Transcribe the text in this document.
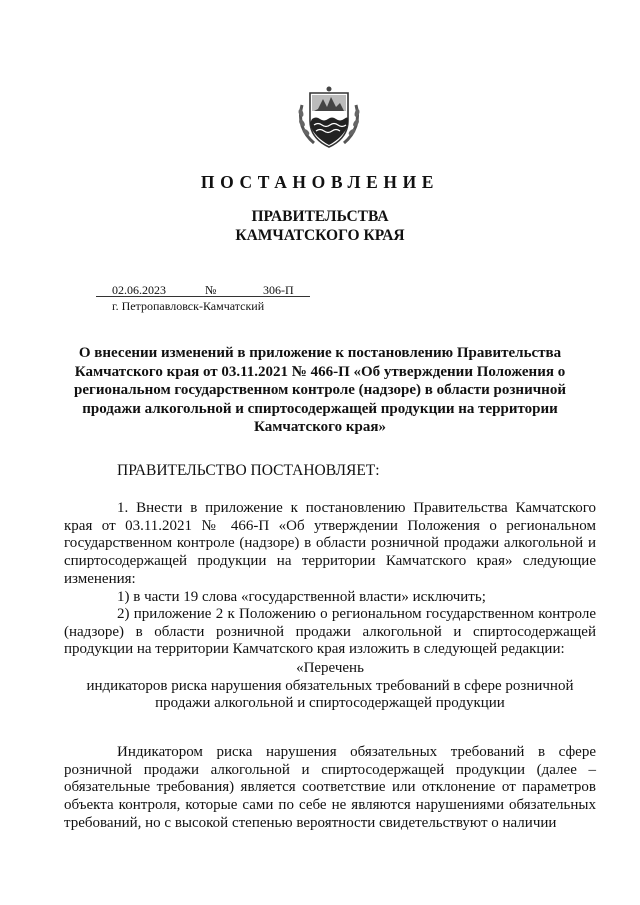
ПОСТАНОВЛЕНИЕ
ПРАВИТЕЛЬСТВА
КАМЧАТСКОГО КРАЯ
02.06.2023	№	306-П
г. Петропавловск-Камчатский
О внесении изменений в приложение к постановлению Правительства
Камчатского края от 03.11.2021 № 466-П «Об утверждении Положения о
региональном государственном контроле (надзоре) в области розничной
продажи алкогольной и спиртосодержащей продукции на территории
Камчатского края»
ПРАВИТЕЛЬСТВО ПОСТАНОВЛЯЕТ:
1. Внести в приложение к постановлению Правительства Камчатского края от 03.11.2021 № 466-П «Об утверждении Положения о региональном государственном контроле (надзоре) в области розничной продажи алкогольной и спиртосодержащей продукции на территории Камчатского края» следующие изменения:
1) в части 19 слова «государственной власти» исключить;
2) приложение 2 к Положению о региональном государственном контроле (надзоре) в области розничной продажи алкогольной и спиртосодержащей продукции на территории Камчатского края изложить в следующей редакции:
«Перечень
индикаторов риска нарушения обязательных требований в сфере розничной
продажи алкогольной и спиртосодержащей продукции
Индикатором риска нарушения обязательных требований в сфере розничной продажи алкогольной и спиртосодержащей продукции (далее – обязательные требования) является соответствие или отклонение от параметров объекта контроля, которые сами по себе не являются нарушениями обязательных требований, но с высокой степенью вероятности свидетельствуют о наличии
